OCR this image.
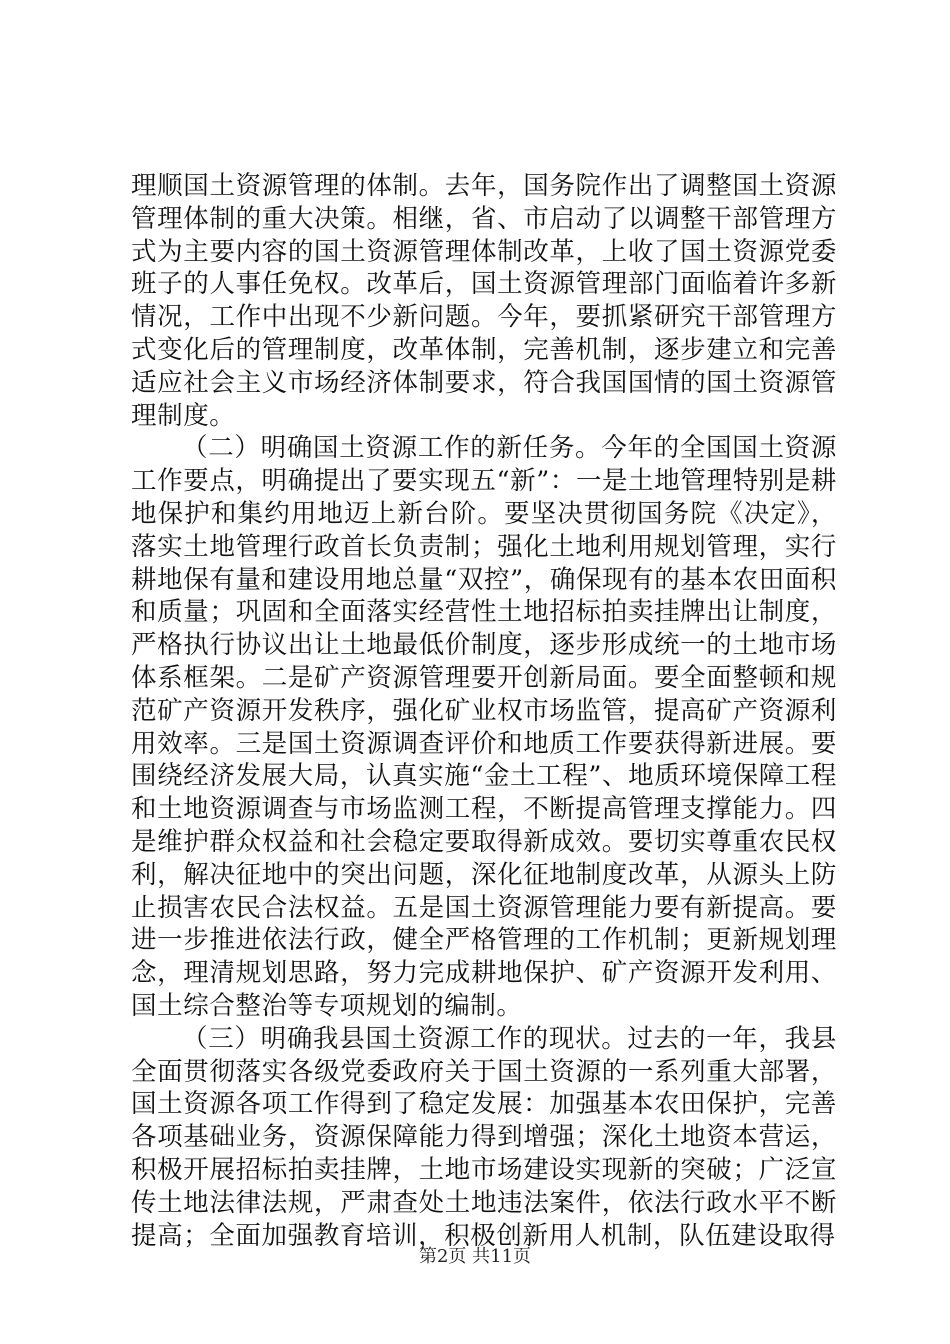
理顺国土资源管理的体制。去年，国务院作出了调整国土资源管理体制的重大决策。相继，省、市启动了以调整干部管理方式为主要内容的国土资源管理体制改革，上收了国土资源党委班子的人事任免权。改革后，国土资源管理部门面临着许多新情况，工作中出现不少新问题。今年，要抓紧研究干部管理方式变化后的管理制度，改革体制，完善机制，逐步建立和完善适应社会主义市场经济体制要求，符合我国国情的国土资源管理制度。

（二）明确国土资源工作的新任务。今年的全国国土资源工作要点，明确提出了要实现五“新”：一是土地管理特别是耕地保护和集约用地迈上新台阶。要坚决贯彻国务院《决定》，落实土地管理行政首长负责制；强化土地利用规划管理，实行耕地保有量和建设用地总量“双控”，确保现有的基本农田面积和质量；巩固和全面落实经营性土地招标拍卖挂牌出让制度，严格执行协议出让土地最低价制度，逐步形成统一的土地市场体系框架。二是矿产资源管理要开创新局面。要全面整顿和规范矿产资源开发秩序，强化矿业权市场监管，提高矿产资源利用效率。三是国土资源调查评价和地质工作要获得新进展。要围绕经济发展大局，认真实施“金土工程”、地质环境保障工程和土地资源调查与市场监测工程，不断提高管理支撑能力。四是维护群众权益和社会稳定要取得新成效。要切实尊重农民权利，解决征地中的突出问题，深化征地制度改革，从源头上防止损害农民合法权益。五是国土资源管理能力要有新提高。要进一步推进依法行政，健全严格管理的工作机制；更新规划理念，理清规划思路，努力完成耕地保护、矿产资源开发利用、国土综合整治等专项规划的编制。

（三）明确我县国土资源工作的现状。过去的一年，我县全面贯彻落实各级党委政府关于国土资源的一系列重大部署，国土资源各项工作得到了稳定发展：加强基本农田保护，完善各项基础业务，资源保障能力得到增强；深化土地资本营运，积极开展招标拍卖挂牌，土地市场建设实现新的突破；广泛宣传土地法律法规，严肃查处土地违法案件，依法行政水平不断提高；全面加强教育培训，积极创新用人机制，队伍建设取得

第2页 共11页
